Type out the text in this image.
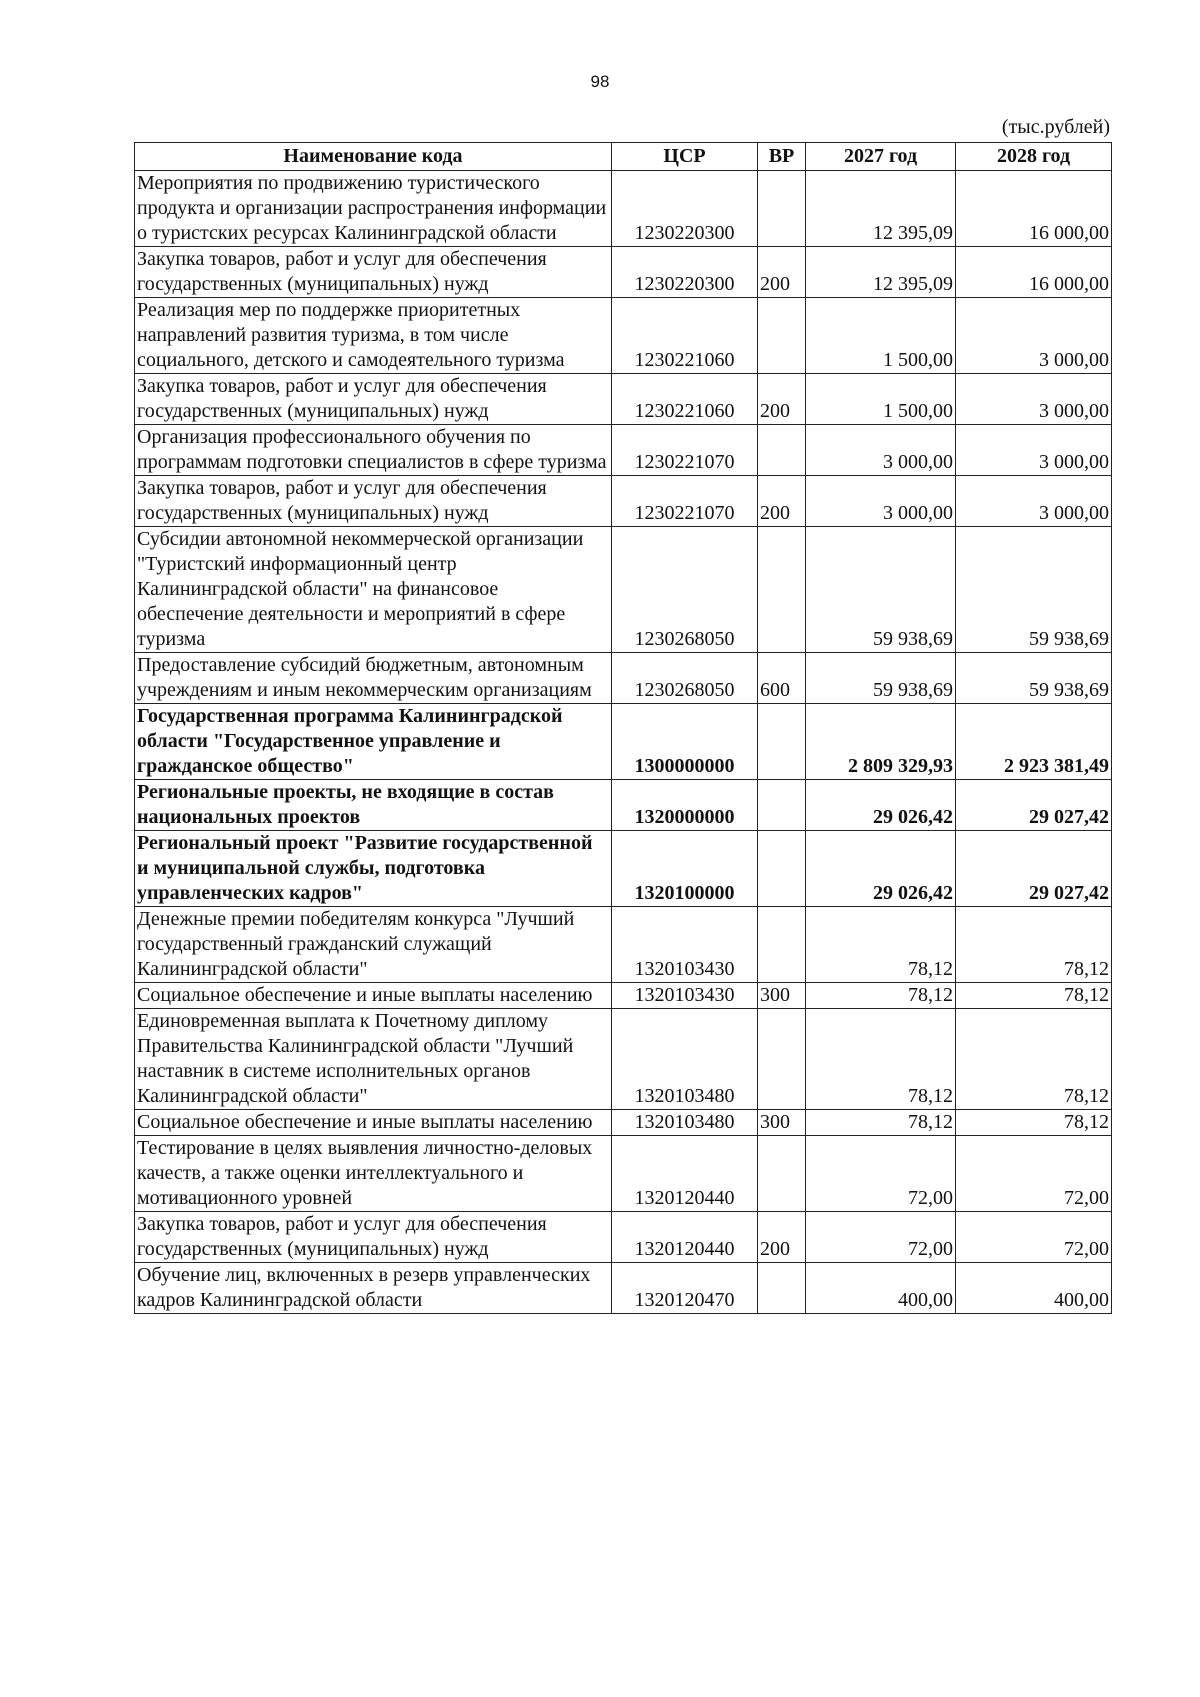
98
(тыс.рублей)
Наименование кода	ЦСР	ВР	2027 год	2028 год
Мероприятия по продвижению туристического продукта и организации распространения информации о туристских ресурсах Калининградской области	1230220300		12 395,09	16 000,00
Закупка товаров, работ и услуг для обеспечения государственных (муниципальных) нужд	1230220300	200	12 395,09	16 000,00
Реализация мер по поддержке приоритетных направлений развития туризма, в том числе социального, детского и самодеятельного туризма	1230221060		1 500,00	3 000,00
Закупка товаров, работ и услуг для обеспечения государственных (муниципальных) нужд	1230221060	200	1 500,00	3 000,00
Организация профессионального обучения по программам подготовки специалистов в сфере туризма	1230221070		3 000,00	3 000,00
Закупка товаров, работ и услуг для обеспечения государственных (муниципальных) нужд	1230221070	200	3 000,00	3 000,00
Субсидии автономной некоммерческой организации "Туристский информационный центр Калининградской области" на финансовое обеспечение деятельности и мероприятий в сфере туризма	1230268050		59 938,69	59 938,69
Предоставление субсидий бюджетным, автономным учреждениям и иным некоммерческим организациям	1230268050	600	59 938,69	59 938,69
Государственная программа Калининградской области "Государственное управление и гражданское общество"	1300000000		2 809 329,93	2 923 381,49
Региональные проекты, не входящие в состав национальных проектов	1320000000		29 026,42	29 027,42
Региональный проект "Развитие государственной и муниципальной службы, подготовка управленческих кадров"	1320100000		29 026,42	29 027,42
Денежные премии победителям конкурса "Лучший государственный гражданский служащий Калининградской области"	1320103430		78,12	78,12
Социальное обеспечение и иные выплаты населению	1320103430	300	78,12	78,12
Единовременная выплата к Почетному диплому Правительства Калининградской области "Лучший наставник в системе исполнительных органов Калининградской области"	1320103480		78,12	78,12
Социальное обеспечение и иные выплаты населению	1320103480	300	78,12	78,12
Тестирование в целях выявления личностно-деловых качеств, а также оценки интеллектуального и мотивационного уровней	1320120440		72,00	72,00
Закупка товаров, работ и услуг для обеспечения государственных (муниципальных) нужд	1320120440	200	72,00	72,00
Обучение лиц, включенных в резерв управленческих кадров Калининградской области	1320120470		400,00	400,00
